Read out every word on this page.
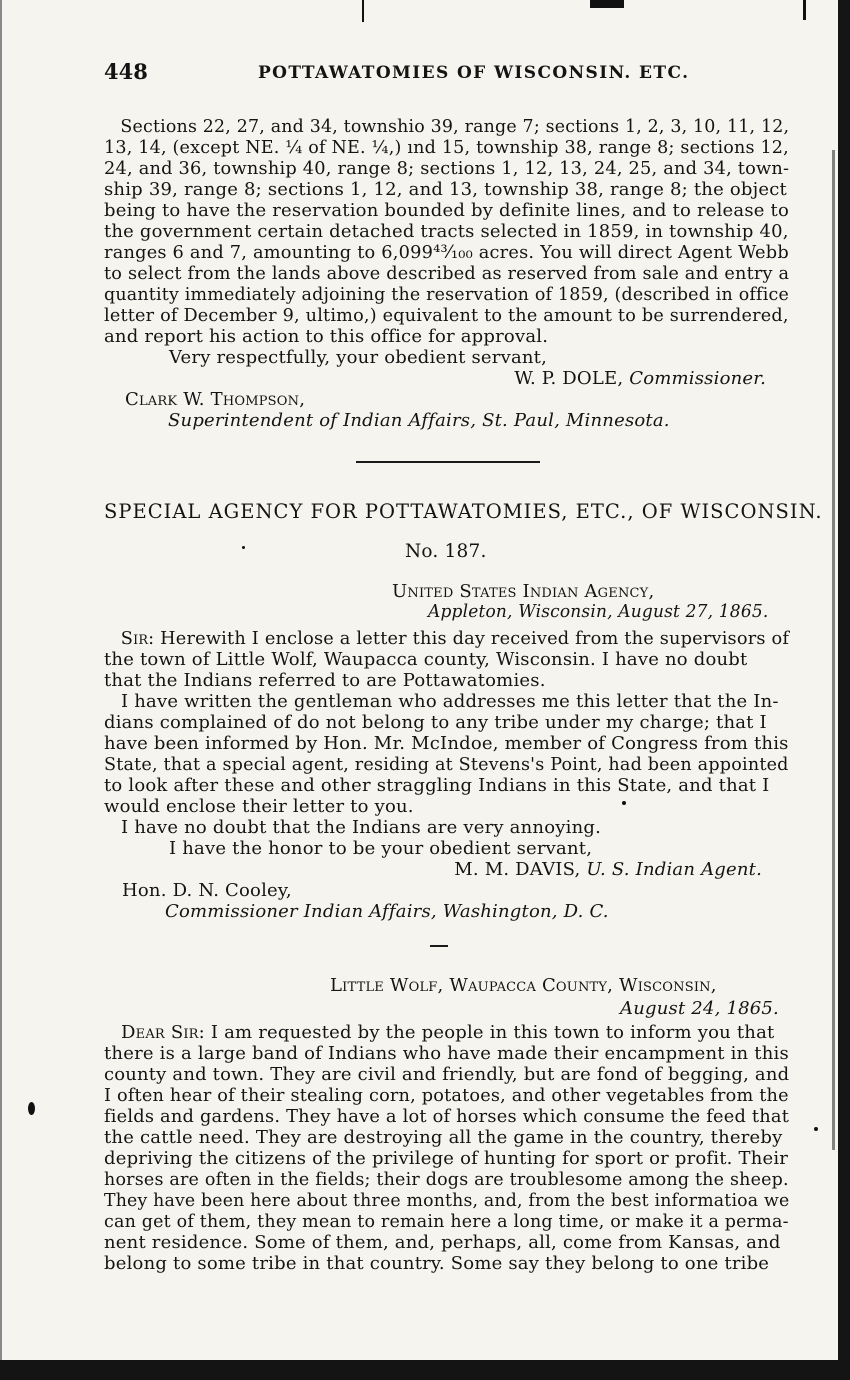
448	POTTAWATOMIES OF WISCONSIN. ETC.
Sections 22, 27, and 34, townshio 39, range 7; sections 1, 2, 3, 10, 11, 12,
13, 14, (except NE. ¼ of NE. ¼,) ınd 15, township 38, range 8; sections 12,
24, and 36, township 40, range 8; sections 1, 12, 13, 24, 25, and 34, town-
ship 39, range 8; sections 1, 12, and 13, township 38, range 8; the object
being to have the reservation bounded by definite lines, and to release to
the government certain detached tracts selected in 1859, in township 40,
ranges 6 and 7, amounting to 6,099⁴³⁄₁₀₀ acres. You will direct Agent Webb
to select from the lands above described as reserved from sale and entry a
quantity immediately adjoining the reservation of 1859, (described in office
letter of December 9, ultimo,) equivalent to the amount to be surrendered,
and report his action to this office for approval.
Very respectfully, your obedient servant,
W. P. DOLE, Commissioner.
Clark W. Thompson,
Superintendent of Indian Affairs, St. Paul, Minnesota.
SPECIAL AGENCY FOR POTTAWATOMIES, ETC., OF WISCONSIN.
No. 187.
United States Indian Agency,
Appleton, Wisconsin, August 27, 1865.
Sir: Herewith I enclose a letter this day received from the supervisors of
the town of Little Wolf, Waupacca county, Wisconsin. I have no doubt
that the Indians referred to are Pottawatomies.
I have written the gentleman who addresses me this letter that the In-
dians complained of do not belong to any tribe under my charge; that I
have been informed by Hon. Mr. McIndoe, member of Congress from this
State, that a special agent, residing at Stevens's Point, had been appointed
to look after these and other straggling Indians in this State, and that I
would enclose their letter to you.
I have no doubt that the Indians are very annoying.
I have the honor to be your obedient servant,
M. M. DAVIS, U. S. Indian Agent.
Hon. D. N. Cooley,
Commissioner Indian Affairs, Washington, D. C.
Little Wolf, Waupacca County, Wisconsin,
August 24, 1865.
Dear Sir: I am requested by the people in this town to inform you that
there is a large band of Indians who have made their encampment in this
county and town. They are civil and friendly, but are fond of begging, and
I often hear of their stealing corn, potatoes, and other vegetables from the
fields and gardens. They have a lot of horses which consume the feed that
the cattle need. They are destroying all the game in the country, thereby
depriving the citizens of the privilege of hunting for sport or profit. Their
horses are often in the fields; their dogs are troublesome among the sheep.
They have been here about three months, and, from the best informatioa we
can get of them, they mean to remain here a long time, or make it a perma-
nent residence. Some of them, and, perhaps, all, come from Kansas, and
belong to some tribe in that country. Some say they belong to one tribe
